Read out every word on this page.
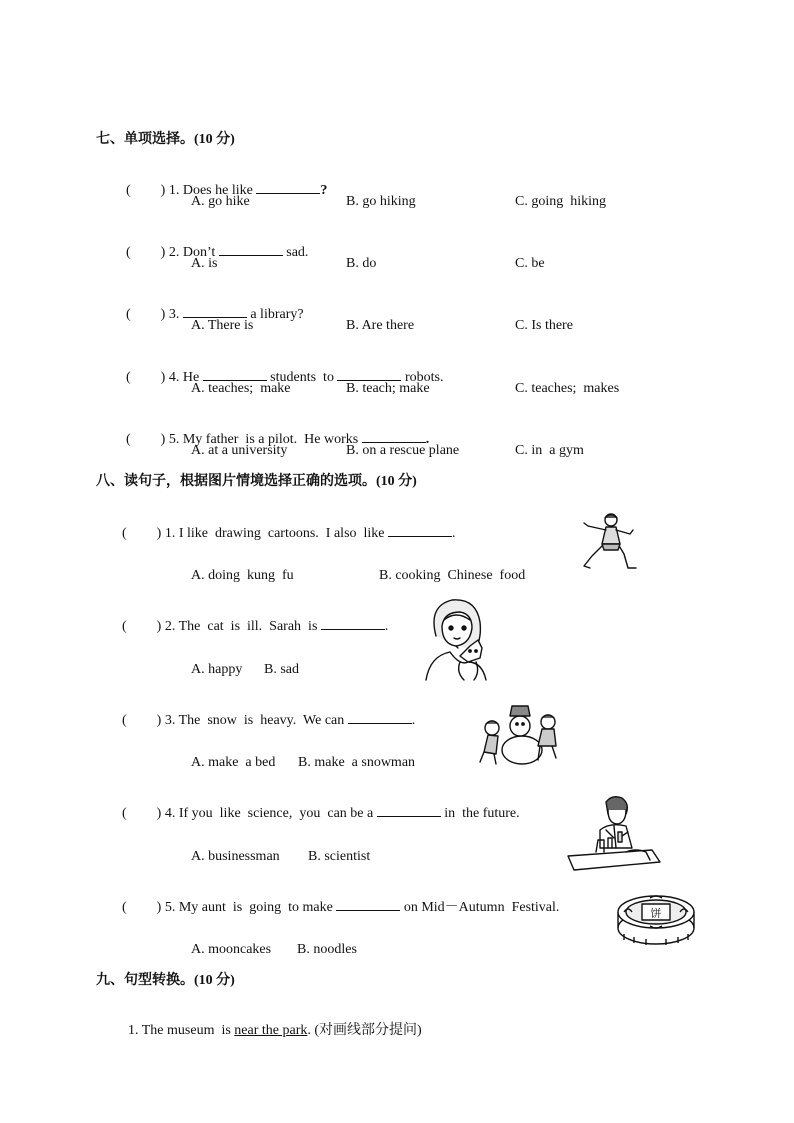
七、单项选择。(10 分)

( ) 1. Does he like	?

A. go hike	B. go hiking	C. going  hiking

( ) 2. Don’t	sad.

A. is	B. do	C. be

( ) 3.	a library?

A. There is	B. Are there	C. Is there

( ) 4. He	students  to	robots.

A. teaches;  make	B. teach; make	C. teaches;  makes

( ) 5. My father  is a pilot.  He works	.

A. at a university	B. on a rescue plane	C. in  a gym
八、读句子，根据图片情境选择正确的选项。(10 分)

( ) 1. I like  drawing  cartoons.  I also  like	.

A. doing  kung  fu	B. cooking  Chinese  food

( ) 2. The  cat  is  ill.  Sarah  is	.

A. happy B. sad

( ) 3. The  snow  is  heavy.  We can	.

A. make  a bed B. make  a snowman

( ) 4. If you  like  science,  you  can be a	in  the future.

A. businessman B. scientist

( ) 5. My aunt  is  going  to make	on Mid－Autumn  Festival.

A. mooncakes B. noodles
饼
九、句型转换。(10 分)

1. The museum  is near the park. (对画线部分提问)
